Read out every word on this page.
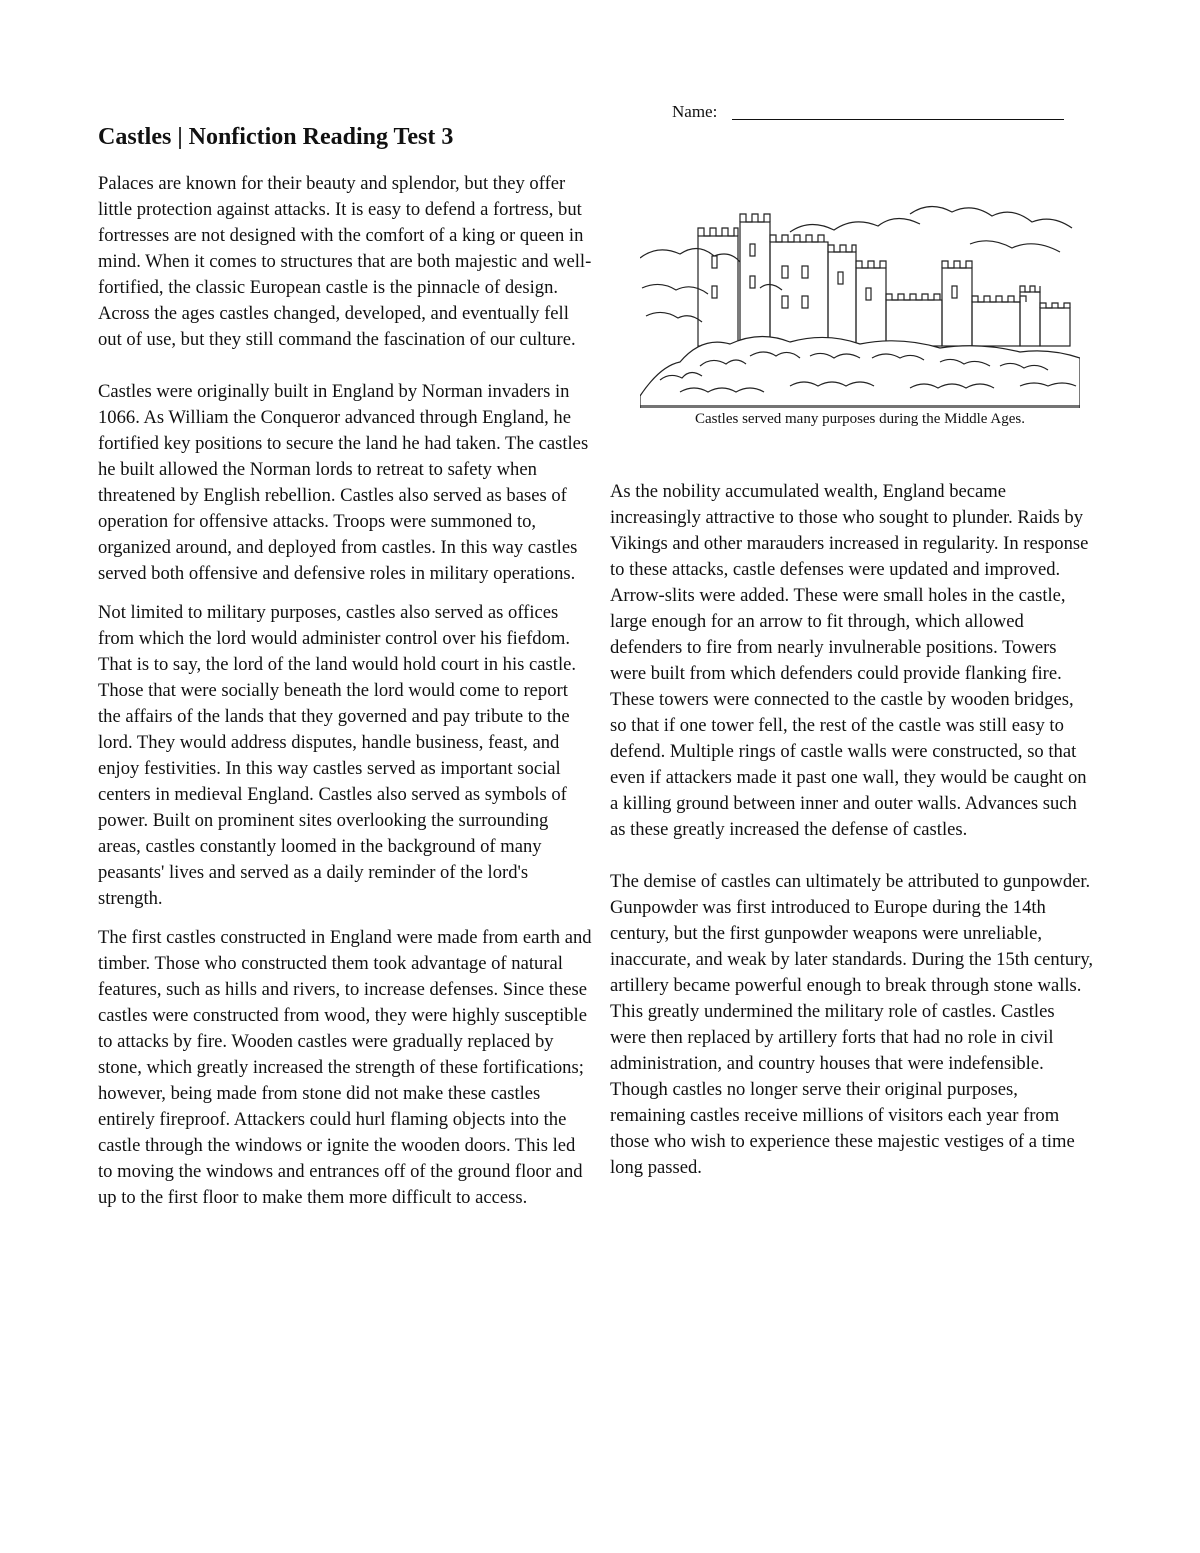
Name:
Castles | Nonfiction Reading Test 3

Palaces are known for their beauty and splendor, but they offer little protection against attacks. It is easy to defend a fortress, but fortresses are not designed with the comfort of a king or queen in mind. When it comes to structures that are both majestic and well-fortified, the classic European castle is the pinnacle of design. Across the ages castles changed, developed, and eventually fell out of use, but they still command the fascination of our culture.

Castles were originally built in England by Norman invaders in 1066. As William the Conqueror advanced through England, he fortified key positions to secure the land he had taken. The castles he built allowed the Norman lords to retreat to safety when threatened by English rebellion. Castles also served as bases of operation for offensive attacks. Troops were summoned to, organized around, and deployed from castles. In this way castles served both offensive and defensive roles in military operations.

Not limited to military purposes, castles also served as offices from which the lord would administer control over his fiefdom. That is to say, the lord of the land would hold court in his castle. Those that were socially beneath the lord would come to report the affairs of the lands that they governed and pay tribute to the lord. They would address disputes, handle business, feast, and enjoy festivities. In this way castles served as important social centers in medieval England. Castles also served as symbols of power. Built on prominent sites overlooking the surrounding areas, castles constantly loomed in the background of many peasants' lives and served as a daily reminder of the lord's strength.

The first castles constructed in England were made from earth and timber. Those who constructed them took advantage of natural features, such as hills and rivers, to increase defenses. Since these castles were constructed from wood, they were highly susceptible to attacks by fire. Wooden castles were gradually replaced by stone, which greatly increased the strength of these fortifications; however, being made from stone did not make these castles entirely fireproof. Attackers could hurl flaming objects into the castle through the windows or ignite the wooden doors. This led to moving the windows and entrances off of the ground floor and up to the first floor to make them more difficult to access.

Castles served many purposes during the Middle Ages.

As the nobility accumulated wealth, England became increasingly attractive to those who sought to plunder. Raids by Vikings and other marauders increased in regularity. In response to these attacks, castle defenses were updated and improved. Arrow-slits were added. These were small holes in the castle, large enough for an arrow to fit through, which allowed defenders to fire from nearly invulnerable positions. Towers were built from which defenders could provide flanking fire. These towers were connected to the castle by wooden bridges, so that if one tower fell, the rest of the castle was still easy to defend. Multiple rings of castle walls were constructed, so that even if attackers made it past one wall, they would be caught on a killing ground between inner and outer walls. Advances such as these greatly increased the defense of castles.

The demise of castles can ultimately be attributed to gunpowder. Gunpowder was first introduced to Europe during the 14th century, but the first gunpowder weapons were unreliable, inaccurate, and weak by later standards. During the 15th century, artillery became powerful enough to break through stone walls. This greatly undermined the military role of castles. Castles were then replaced by artillery forts that had no role in civil administration, and country houses that were indefensible. Though castles no longer serve their original purposes, remaining castles receive millions of visitors each year from those who wish to experience these majestic vestiges of a time long passed.
